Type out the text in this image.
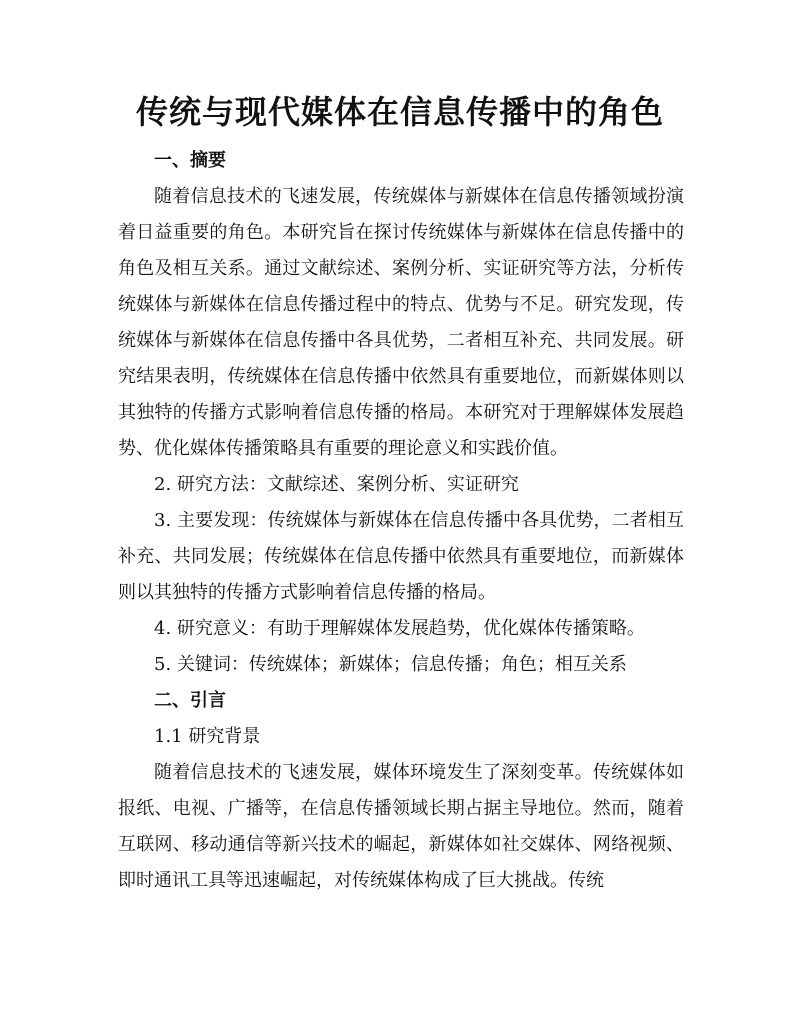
传统与现代媒体在信息传播中的角色

一、摘要

随着信息技术的飞速发展，传统媒体与新媒体在信息传播领域扮演着日益重要的角色。本研究旨在探讨传统媒体与新媒体在信息传播中的角色及相互关系。通过文献综述、案例分析、实证研究等方法，分析传统媒体与新媒体在信息传播过程中的特点、优势与不足。研究发现，传统媒体与新媒体在信息传播中各具优势，二者相互补充、共同发展。研究结果表明，传统媒体在信息传播中依然具有重要地位，而新媒体则以其独特的传播方式影响着信息传播的格局。本研究对于理解媒体发展趋势、优化媒体传播策略具有重要的理论意义和实践价值。

2. 研究方法：文献综述、案例分析、实证研究

3. 主要发现：传统媒体与新媒体在信息传播中各具优势，二者相互补充、共同发展；传统媒体在信息传播中依然具有重要地位，而新媒体则以其独特的传播方式影响着信息传播的格局。

4. 研究意义：有助于理解媒体发展趋势，优化媒体传播策略。

5. 关键词：传统媒体；新媒体；信息传播；角色；相互关系

二、引言

1.1 研究背景

随着信息技术的飞速发展，媒体环境发生了深刻变革。传统媒体如报纸、电视、广播等，在信息传播领域长期占据主导地位。然而，随着互联网、移动通信等新兴技术的崛起，新媒体如社交媒体、网络视频、即时通讯工具等迅速崛起，对传统媒体构成了巨大挑战。传统
